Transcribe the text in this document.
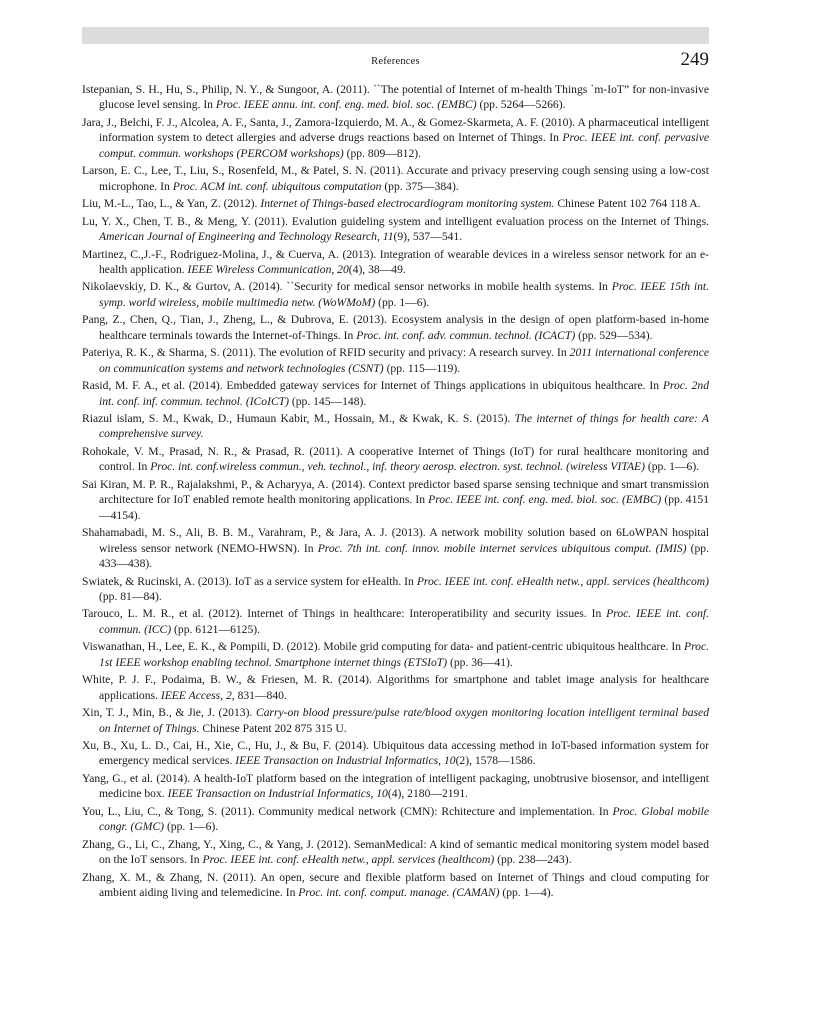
References	249
Istepanian, S. H., Hu, S., Philip, N. Y., & Sungoor, A. (2011). ``The potential of Internet of m-health Things `m-IoT” for non-invasive glucose level sensing. In Proc. IEEE annu. int. conf. eng. med. biol. soc. (EMBC) (pp. 5264—5266).
Jara, J., Belchi, F. J., Alcolea, A. F., Santa, J., Zamora-Izquierdo, M. A., & Gomez-Skarmeta, A. F. (2010). A pharmaceutical intelligent information system to detect allergies and adverse drugs reactions based on Internet of Things. In Proc. IEEE int. conf. pervasive comput. commun. workshops (PERCOM workshops) (pp. 809—812).
Larson, E. C., Lee, T., Liu, S., Rosenfeld, M., & Patel, S. N. (2011). Accurate and privacy preserving cough sensing using a low-cost microphone. In Proc. ACM int. conf. ubiquitous computation (pp. 375—384).
Liu, M.-L., Tao, L., & Yan, Z. (2012). Internet of Things-based electrocardiogram monitoring system. Chinese Patent 102 764 118 A.
Lu, Y. X., Chen, T. B., & Meng, Y. (2011). Evalution guideling system and intelligent evaluation process on the Internet of Things. American Journal of Engineering and Technology Research, 11(9), 537—541.
Martinez, C.,J.-F., Rodriguez-Molina, J., & Cuerva, A. (2013). Integration of wearable devices in a wireless sensor network for an e-health application. IEEE Wireless Communication, 20(4), 38—49.
Nikolaevskiy, D. K., & Gurtov, A. (2014). ``Security for medical sensor networks in mobile health systems. In Proc. IEEE 15th int. symp. world wireless, mobile multimedia netw. (WoWMoM) (pp. 1—6).
Pang, Z., Chen, Q., Tian, J., Zheng, L., & Dubrova, E. (2013). Ecosystem analysis in the design of open platform-based in-home healthcare terminals towards the Internet-of-Things. In Proc. int. conf. adv. commun. technol. (ICACT) (pp. 529—534).
Pateriya, R. K., & Sharma, S. (2011). The evolution of RFID security and privacy: A research survey. In 2011 international conference on communication systems and network technologies (CSNT) (pp. 115—119).
Rasid, M. F. A., et al. (2014). Embedded gateway services for Internet of Things applications in ubiquitous healthcare. In Proc. 2nd int. conf. inf. commun. technol. (ICoICT) (pp. 145—148).
Riazul islam, S. M., Kwak, D., Humaun Kabir, M., Hossain, M., & Kwak, K. S. (2015). The internet of things for health care: A comprehensive survey.
Rohokale, V. M., Prasad, N. R., & Prasad, R. (2011). A cooperative Internet of Things (IoT) for rural healthcare monitoring and control. In Proc. int. conf.wireless commun., veh. technol., inf. theory aerosp. electron. syst. technol. (wireless VITAE) (pp. 1—6).
Sai Kiran, M. P. R., Rajalakshmi, P., & Acharyya, A. (2014). Context predictor based sparse sensing technique and smart transmission architecture for IoT enabled remote health monitoring applications. In Proc. IEEE int. conf. eng. med. biol. soc. (EMBC) (pp. 4151—4154).
Shahamabadi, M. S., Ali, B. B. M., Varahram, P., & Jara, A. J. (2013). A network mobility solution based on 6LoWPAN hospital wireless sensor network (NEMO-HWSN). In Proc. 7th int. conf. innov. mobile internet services ubiquitous comput. (IMIS) (pp. 433—438).
Swiatek, & Rucinski, A. (2013). IoT as a service system for eHealth. In Proc. IEEE int. conf. eHealth netw., appl. services (healthcom) (pp. 81—84).
Tarouco, L. M. R., et al. (2012). Internet of Things in healthcare: Interoperatibility and security issues. In Proc. IEEE int. conf. commun. (ICC) (pp. 6121—6125).
Viswanathan, H., Lee, E. K., & Pompili, D. (2012). Mobile grid computing for data- and patient-centric ubiquitous healthcare. In Proc. 1st IEEE workshop enabling technol. Smartphone internet things (ETSIoT) (pp. 36—41).
White, P. J. F., Podaima, B. W., & Friesen, M. R. (2014). Algorithms for smartphone and tablet image analysis for healthcare applications. IEEE Access, 2, 831—840.
Xin, T. J., Min, B., & Jie, J. (2013). Carry-on blood pressure/pulse rate/blood oxygen monitoring location intelligent terminal based on Internet of Things. Chinese Patent 202 875 315 U.
Xu, B., Xu, L. D., Cai, H., Xie, C., Hu, J., & Bu, F. (2014). Ubiquitous data accessing method in IoT-based information system for emergency medical services. IEEE Transaction on Industrial Informatics, 10(2), 1578—1586.
Yang, G., et al. (2014). A health-IoT platform based on the integration of intelligent packaging, unobtrusive biosensor, and intelligent medicine box. IEEE Transaction on Industrial Informatics, 10(4), 2180—2191.
You, L., Liu, C., & Tong, S. (2011). Community medical network (CMN): Rchitecture and implementation. In Proc. Global mobile congr. (GMC) (pp. 1—6).
Zhang, G., Li, C., Zhang, Y., Xing, C., & Yang, J. (2012). SemanMedical: A kind of semantic medical monitoring system model based on the IoT sensors. In Proc. IEEE int. conf. eHealth netw., appl. services (healthcom) (pp. 238—243).
Zhang, X. M., & Zhang, N. (2011). An open, secure and flexible platform based on Internet of Things and cloud computing for ambient aiding living and telemedicine. In Proc. int. conf. comput. manage. (CAMAN) (pp. 1—4).
